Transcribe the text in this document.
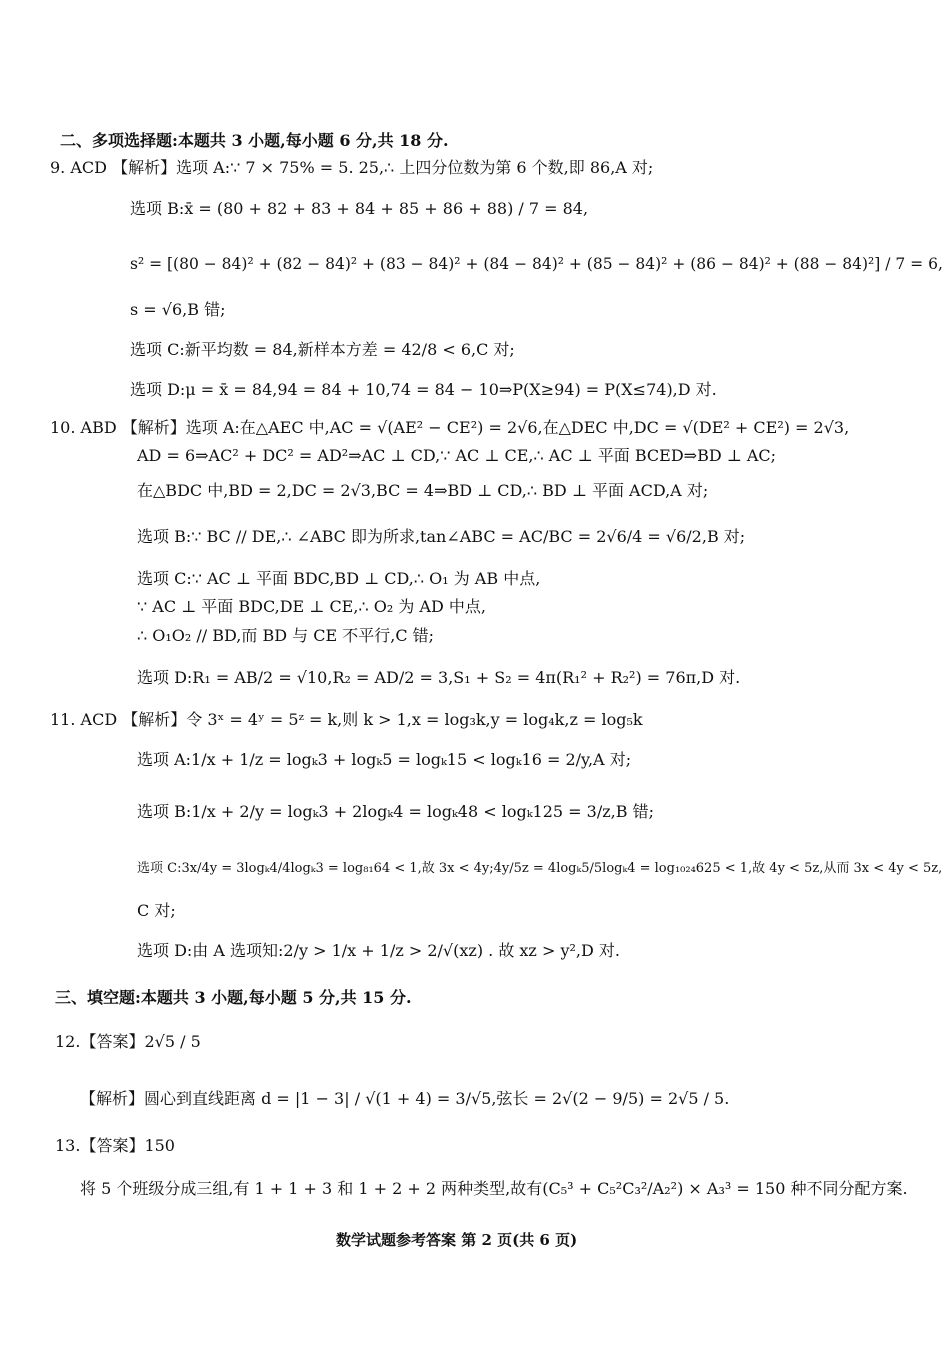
二、多项选择题:本题共 3 小题,每小题 6 分,共 18 分.
9. ACD 【解析】选项 A:∵ 7 × 75% = 5. 25,∴ 上四分位数为第 6 个数,即 86,A 对;
选项 B:x̄ = (80 + 82 + 83 + 84 + 85 + 86 + 88) / 7 = 84,
s² = [(80 − 84)² + (82 − 84)² + (83 − 84)² + (84 − 84)² + (85 − 84)² + (86 − 84)² + (88 − 84)²] / 7 = 6,
s = √6,B 错;
选项 C:新平均数 = 84,新样本方差 = 42/8 < 6,C 对;
选项 D:μ = x̄ = 84,94 = 84 + 10,74 = 84 − 10⇒P(X≥94) = P(X≤74),D 对.
10. ABD 【解析】选项 A:在△AEC 中,AC = √(AE² − CE²) = 2√6,在△DEC 中,DC = √(DE² + CE²) = 2√3,
AD = 6⇒AC² + DC² = AD²⇒AC ⊥ CD,∵ AC ⊥ CE,∴ AC ⊥ 平面 BCED⇒BD ⊥ AC;
在△BDC 中,BD = 2,DC = 2√3,BC = 4⇒BD ⊥ CD,∴ BD ⊥ 平面 ACD,A 对;
选项 B:∵ BC // DE,∴ ∠ABC 即为所求,tan∠ABC = AC/BC = 2√6/4 = √6/2,B 对;
选项 C:∵ AC ⊥ 平面 BDC,BD ⊥ CD,∴ O₁ 为 AB 中点,
∵ AC ⊥ 平面 BDC,DE ⊥ CE,∴ O₂ 为 AD 中点,
∴ O₁O₂ // BD,而 BD 与 CE 不平行,C 错;
选项 D:R₁ = AB/2 = √10,R₂ = AD/2 = 3,S₁ + S₂ = 4π(R₁² + R₂²) = 76π,D 对.
11. ACD 【解析】令 3ˣ = 4ʸ = 5ᶻ = k,则 k > 1,x = log₃k,y = log₄k,z = log₅k
选项 A:1/x + 1/z = logₖ3 + logₖ5 = logₖ15 < logₖ16 = 2/y,A 对;
选项 B:1/x + 2/y = logₖ3 + 2logₖ4 = logₖ48 < logₖ125 = 3/z,B 错;
选项 C:3x/4y = 3logₖ4/4logₖ3 = log₈₁64 < 1,故 3x < 4y;4y/5z = 4logₖ5/5logₖ4 = log₁₀₂₄625 < 1,故 4y < 5z,从而 3x < 4y < 5z,
C 对;
选项 D:由 A 选项知:2/y > 1/x + 1/z > 2/√(xz) . 故 xz > y²,D 对.
三、填空题:本题共 3 小题,每小题 5 分,共 15 分.
12.【答案】2√5 / 5
【解析】圆心到直线距离 d = |1 − 3| / √(1 + 4) = 3/√5,弦长 = 2√(2 − 9/5) = 2√5 / 5.
13.【答案】150
将 5 个班级分成三组,有 1 + 1 + 3 和 1 + 2 + 2 两种类型,故有(C₅³ + C₅²C₃²/A₂²) × A₃³ = 150 种不同分配方案.
数学试题参考答案 第 2 页(共 6 页)
